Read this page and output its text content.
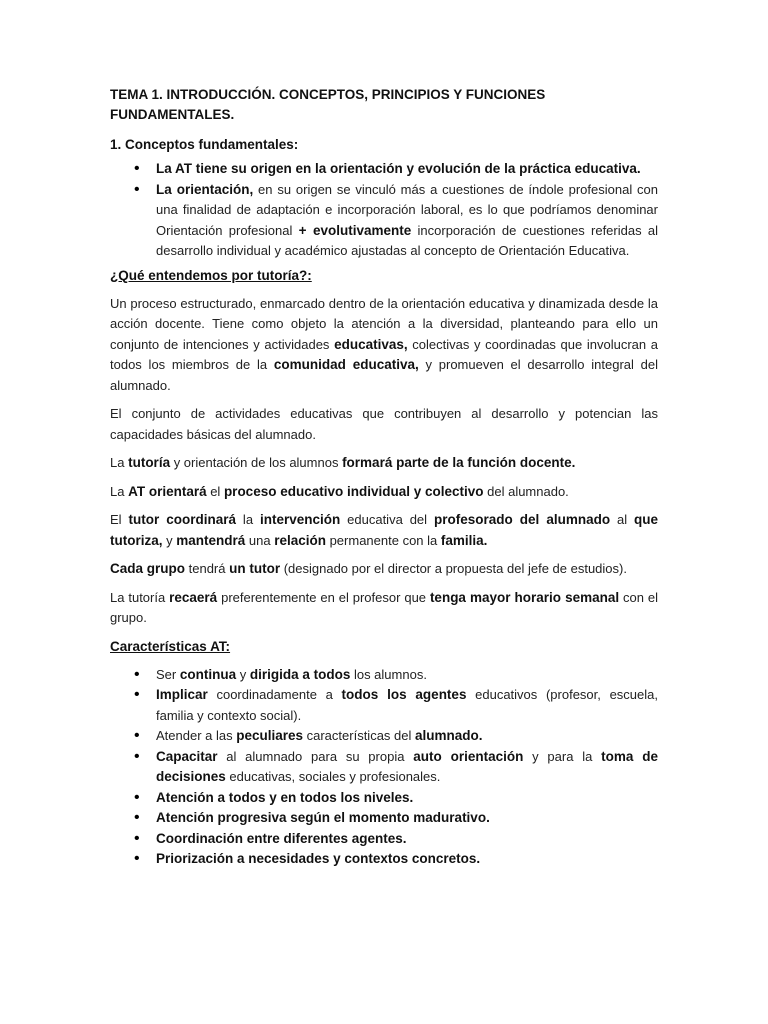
TEMA 1. INTRODUCCIÓN. CONCEPTOS, PRINCIPIOS Y FUNCIONES FUNDAMENTALES.
1. Conceptos fundamentales:
• La AT tiene su origen en la orientación y evolución de la práctica educativa.
• La orientación, en su origen se vinculó más a cuestiones de índole profesional con una finalidad de adaptación e incorporación laboral, es lo que podríamos denominar Orientación profesional + evolutivamente incorporación de cuestiones referidas al desarrollo individual y académico ajustadas al concepto de Orientación Educativa.
¿Qué entendemos por tutoría?:

Un proceso estructurado, enmarcado dentro de la orientación educativa y dinamizada desde la acción docente. Tiene como objeto la atención a la diversidad, planteando para ello un conjunto de intenciones y actividades educativas, colectivas y coordinadas que involucran a todos los miembros de la comunidad educativa, y promueven el desarrollo integral del alumnado.

El conjunto de actividades educativas que contribuyen al desarrollo y potencian las capacidades básicas del alumnado.

La tutoría y orientación de los alumnos formará parte de la función docente.

La AT orientará el proceso educativo individual y colectivo del alumnado.

El tutor coordinará la intervención educativa del profesorado del alumnado al que tutoriza, y mantendrá una relación permanente con la familia.

Cada grupo tendrá un tutor (designado por el director a propuesta del jefe de estudios).

La tutoría recaerá preferentemente en el profesor que tenga mayor horario semanal con el grupo.

Características AT:
• Ser continua y dirigida a todos los alumnos.
• Implicar coordinadamente a todos los agentes educativos (profesor, escuela, familia y contexto social).
• Atender a las peculiares características del alumnado.
• Capacitar al alumnado para su propia auto orientación y para la toma de decisiones educativas, sociales y profesionales.
• Atención a todos y en todos los niveles.
• Atención progresiva según el momento madurativo.
• Coordinación entre diferentes agentes.
• Priorización a necesidades y contextos concretos.
